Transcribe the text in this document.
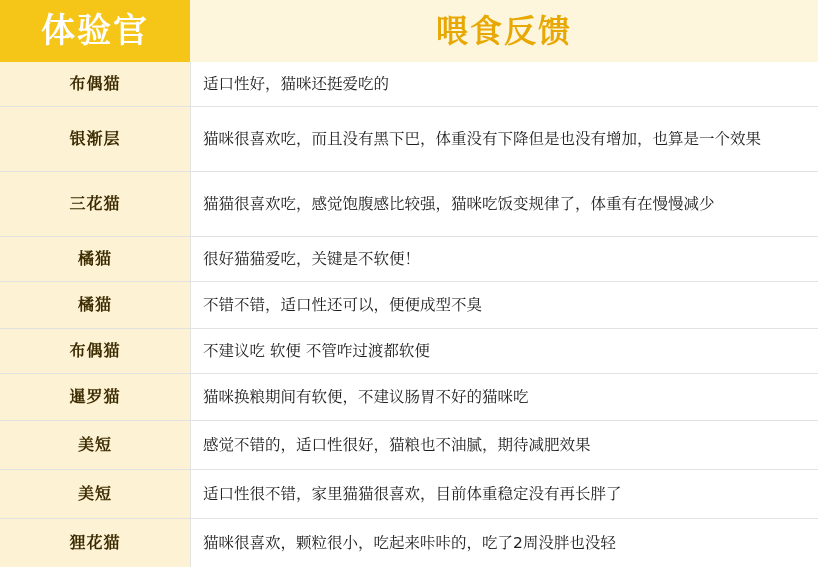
体验官	喂食反馈
布偶猫	适口性好，猫咪还挺爱吃的
银渐层	猫咪很喜欢吃，而且没有黑下巴，体重没有下降但是也没有增加，也算是一个效果
三花猫	猫猫很喜欢吃，感觉饱腹感比较强，猫咪吃饭变规律了，体重有在慢慢减少
橘猫	很好猫猫爱吃，关键是不软便！
橘猫	不错不错，适口性还可以，便便成型不臭
布偶猫	不建议吃 软便 不管咋过渡都软便
暹罗猫	猫咪换粮期间有软便，不建议肠胃不好的猫咪吃
美短	感觉不错的，适口性很好，猫粮也不油腻，期待减肥效果
美短	适口性很不错，家里猫猫很喜欢，目前体重稳定没有再长胖了
狸花猫	猫咪很喜欢，颗粒很小，吃起来咔咔的，吃了2周没胖也没轻
